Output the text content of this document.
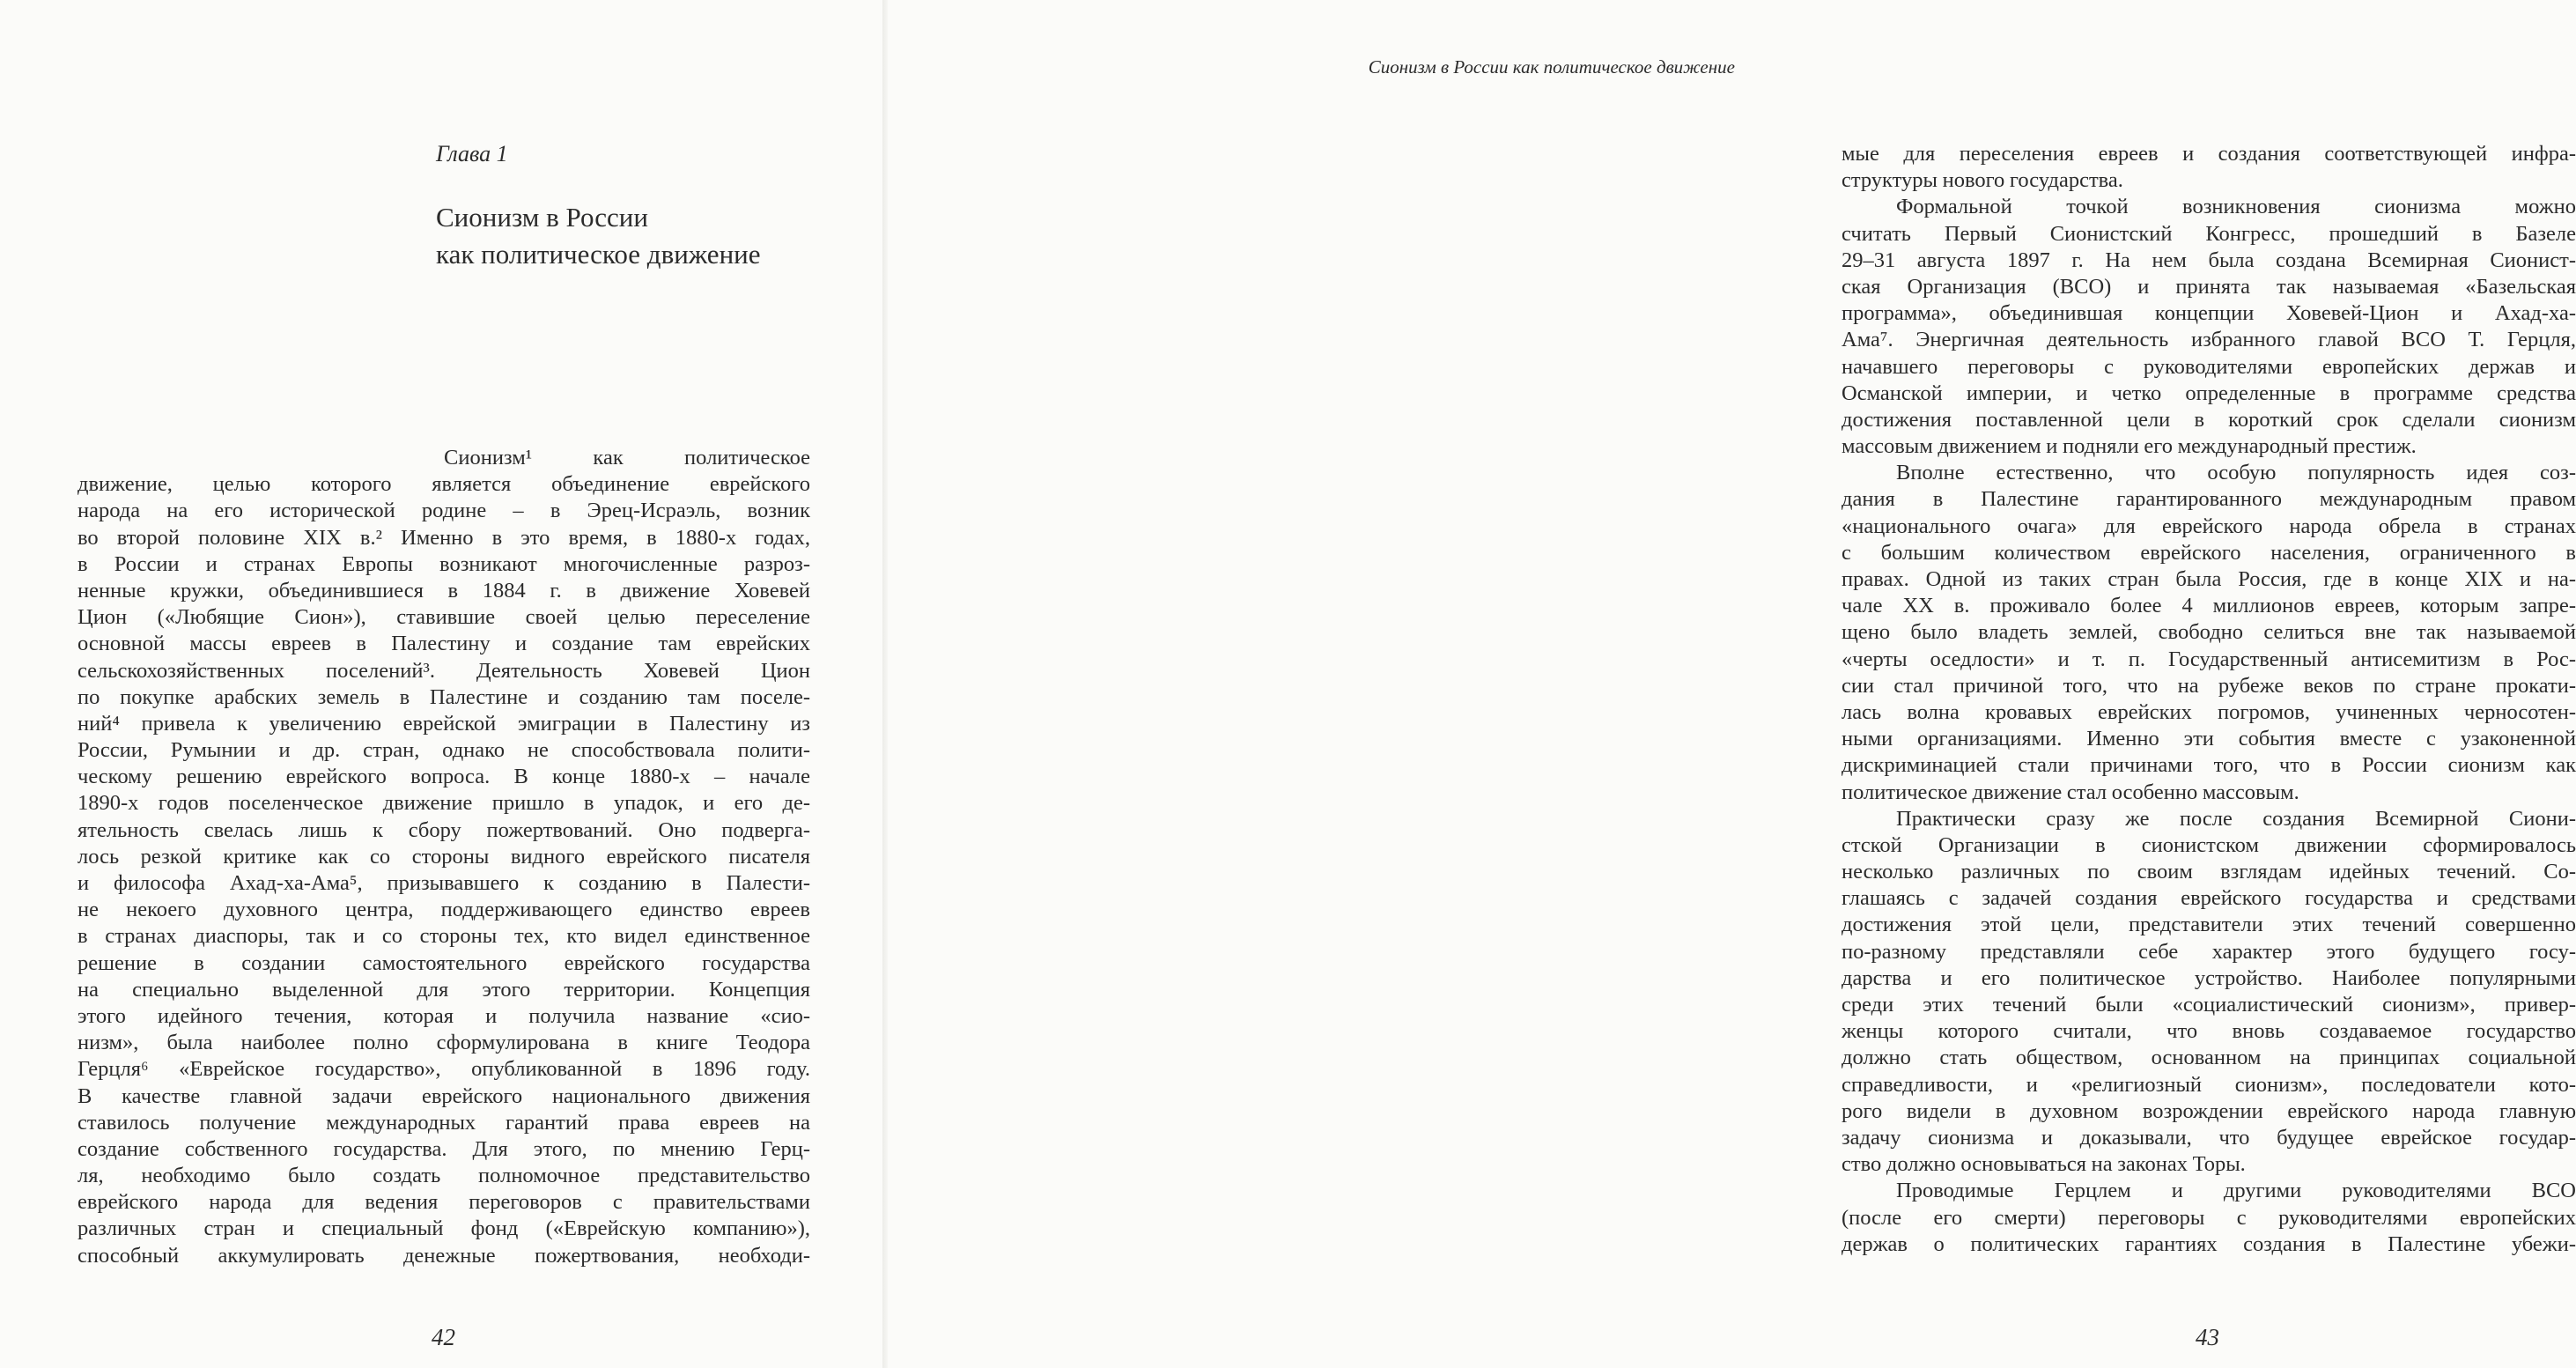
Глава 1
Сионизм в России
как политическое движение
Сионизм¹ как политическое
движение, целью которого является объединение еврейского
народа на его исторической родине – в Эрец-Исраэль, возник
во второй половине XIX в.² Именно в это время, в 1880-х годах,
в России и странах Европы возникают многочисленные разроз-
ненные кружки, объединившиеся в 1884 г. в движение Ховевей
Цион («Любящие Сион»), ставившие своей целью переселение
основной массы евреев в Палестину и создание там еврейских
сельскохозяйственных поселений³. Деятельность Ховевей Цион
по покупке арабских земель в Палестине и созданию там поселе-
ний⁴ привела к увеличению еврейской эмиграции в Палестину из
России, Румынии и др. стран, однако не способствовала полити-
ческому решению еврейского вопроса. В конце 1880-х – начале
1890-х годов поселенческое движение пришло в упадок, и его де-
ятельность свелась лишь к сбору пожертвований. Оно подверга-
лось резкой критике как со стороны видного еврейского писателя
и философа Ахад-ха-Ама⁵, призывавшего к созданию в Палести-
не некоего духовного центра, поддерживающего единство евреев
в странах диаспоры, так и со стороны тех, кто видел единственное
решение в создании самостоятельного еврейского государства
на специально выделенной для этого территории. Концепция
этого идейного течения, которая и получила название «сио-
низм», была наиболее полно сформулирована в книге Теодора
Герцля⁶ «Еврейское государство», опубликованной в 1896 году.
В качестве главной задачи еврейского национального движения
ставилось получение международных гарантий права евреев на
создание собственного государства. Для этого, по мнению Герц-
ля, необходимо было создать полномочное представительство
еврейского народа для ведения переговоров с правительствами
различных стран и специальный фонд («Еврейскую компанию»),
способный аккумулировать денежные пожертвования, необходи-
42
Сионизм в России как политическое движение
мые для переселения евреев и создания соответствующей инфра-
структуры нового государства.
Формальной точкой возникновения сионизма можно
считать Первый Сионистский Конгресс, прошедший в Базеле
29–31 августа 1897 г. На нем была создана Всемирная Сионист-
ская Организация (ВСО) и принята так называемая «Базельская
программа», объединившая концепции Ховевей-Цион и Ахад-ха-
Ама⁷. Энергичная деятельность избранного главой ВСО Т. Герцля,
начавшего переговоры с руководителями европейских держав и
Османской империи, и четко определенные в программе средства
достижения поставленной цели в короткий срок сделали сионизм
массовым движением и подняли его международный престиж.
Вполне естественно, что особую популярность идея соз-
дания в Палестине гарантированного международным правом
«национального очага» для еврейского народа обрела в странах
с большим количеством еврейского населения, ограниченного в
правах. Одной из таких стран была Россия, где в конце XIX и на-
чале XX в. проживало более 4 миллионов евреев, которым запре-
щено было владеть землей, свободно селиться вне так называемой
«черты оседлости» и т. п. Государственный антисемитизм в Рос-
сии стал причиной того, что на рубеже веков по стране прокати-
лась волна кровавых еврейских погромов, учиненных черносотен-
ными организациями. Именно эти события вместе с узаконенной
дискриминацией стали причинами того, что в России сионизм как
политическое движение стал особенно массовым.
Практически сразу же после создания Всемирной Сиони-
стской Организации в сионистском движении сформировалось
несколько различных по своим взглядам идейных течений. Со-
глашаясь с задачей создания еврейского государства и средствами
достижения этой цели, представители этих течений совершенно
по-разному представляли себе характер этого будущего госу-
дарства и его политическое устройство. Наиболее популярными
среди этих течений были «социалистический сионизм», привер-
женцы которого считали, что вновь создаваемое государство
должно стать обществом, основанном на принципах социальной
справедливости, и «религиозный сионизм», последователи кото-
рого видели в духовном возрождении еврейского народа главную
задачу сионизма и доказывали, что будущее еврейское государ-
ство должно основываться на законах Торы.
Проводимые Герцлем и другими руководителями ВСО
(после его смерти) переговоры с руководителями европейских
держав о политических гарантиях создания в Палестине убежи-
43
